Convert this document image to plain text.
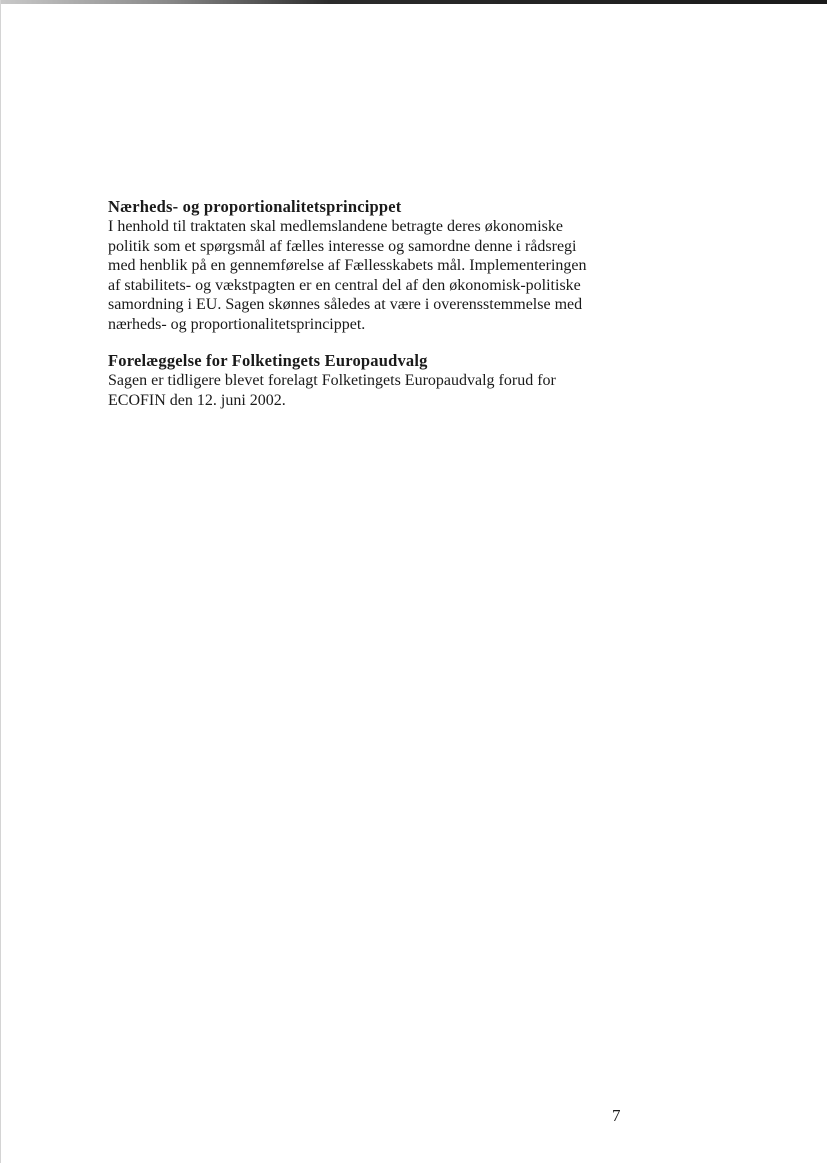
Nærheds- og proportionalitetsprincippet

I henhold til traktaten skal medlemslandene betragte deres økonomiske
politik som et spørgsmål af fælles interesse og samordne denne i rådsregi
med henblik på en gennemførelse af Fællesskabets mål. Implementeringen
af stabilitets- og vækstpagten er en central del af den økonomisk-politiske
samordning i EU. Sagen skønnes således at være i overensstemmelse med
nærheds- og proportionalitetsprincippet.

Forelæggelse for Folketingets Europaudvalg

Sagen er tidligere blevet forelagt Folketingets Europaudvalg forud for
ECOFIN den 12. juni 2002.

7
